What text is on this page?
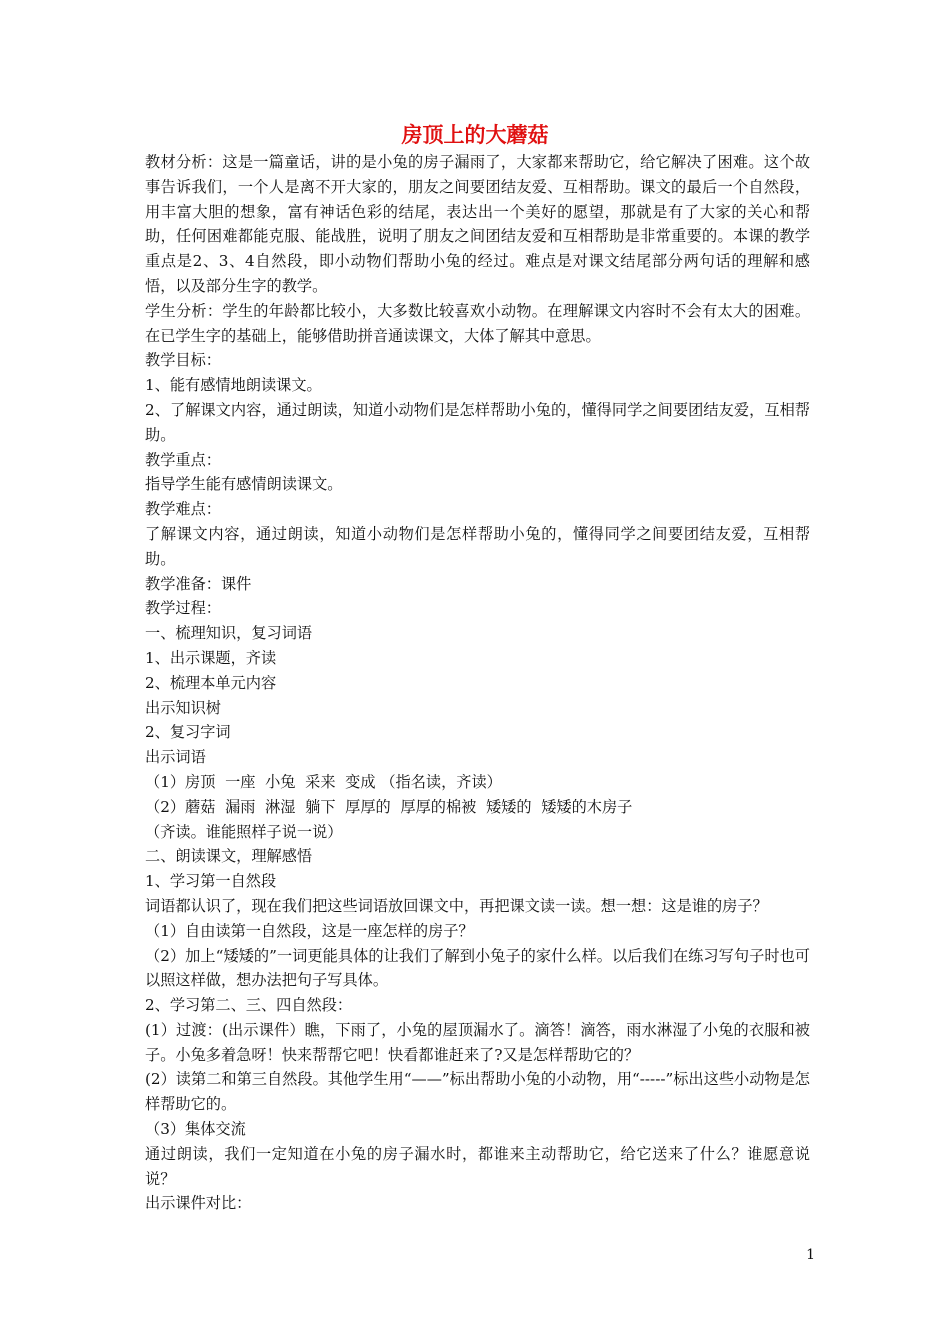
房顶上的大蘑菇

教材分析：这是一篇童话，讲的是小兔的房子漏雨了，大家都来帮助它，给它解决了困难。这个故事告诉我们，一个人是离不开大家的，朋友之间要团结友爱、互相帮助。课文的最后一个自然段，用丰富大胆的想象，富有神话色彩的结尾，表达出一个美好的愿望，那就是有了大家的关心和帮助，任何困难都能克服、能战胜，说明了朋友之间团结友爱和互相帮助是非常重要的。本课的教学重点是2、3、4自然段，即小动物们帮助小兔的经过。难点是对课文结尾部分两句话的理解和感悟，以及部分生字的教学。

学生分析：学生的年龄都比较小，大多数比较喜欢小动物。在理解课文内容时不会有太大的困难。在已学生字的基础上，能够借助拼音通读课文，大体了解其中意思。

教学目标：

1、能有感情地朗读课文。

2、了解课文内容，通过朗读，知道小动物们是怎样帮助小兔的，懂得同学之间要团结友爱，互相帮助。

教学重点：

指导学生能有感情朗读课文。

教学难点：

了解课文内容，通过朗读，知道小动物们是怎样帮助小兔的，懂得同学之间要团结友爱，互相帮助。

教学准备：课件

教学过程：

一、梳理知识，复习词语

1、出示课题，齐读

2、梳理本单元内容

出示知识树

2、复习字词

出示词语

（1）房顶  一座  小兔  采来  变成 （指名读，齐读）

（2）蘑菇  漏雨  淋湿  躺下  厚厚的  厚厚的棉被  矮矮的  矮矮的木房子

（齐读。谁能照样子说一说）

二、朗读课文，理解感悟

1、学习第一自然段

词语都认识了，现在我们把这些词语放回课文中，再把课文读一读。想一想：这是谁的房子？

（1）自由读第一自然段，这是一座怎样的房子？

（2）加上“矮矮的”一词更能具体的让我们了解到小兔子的家什么样。以后我们在练习写句子时也可以照这样做，想办法把句子写具体。

2、学习第二、三、四自然段：

(1）过渡：(出示课件）瞧，下雨了，小兔的屋顶漏水了。滴答！滴答，雨水淋湿了小兔的衣服和被子。小兔多着急呀！快来帮帮它吧！快看都谁赶来了?又是怎样帮助它的？

(2）读第二和第三自然段。其他学生用“——”标出帮助小兔的小动物，用“-----”标出这些小动物是怎样帮助它的。

（3）集体交流

通过朗读，我们一定知道在小兔的房子漏水时，都谁来主动帮助它，给它送来了什么？谁愿意说说？

出示课件对比：

1
